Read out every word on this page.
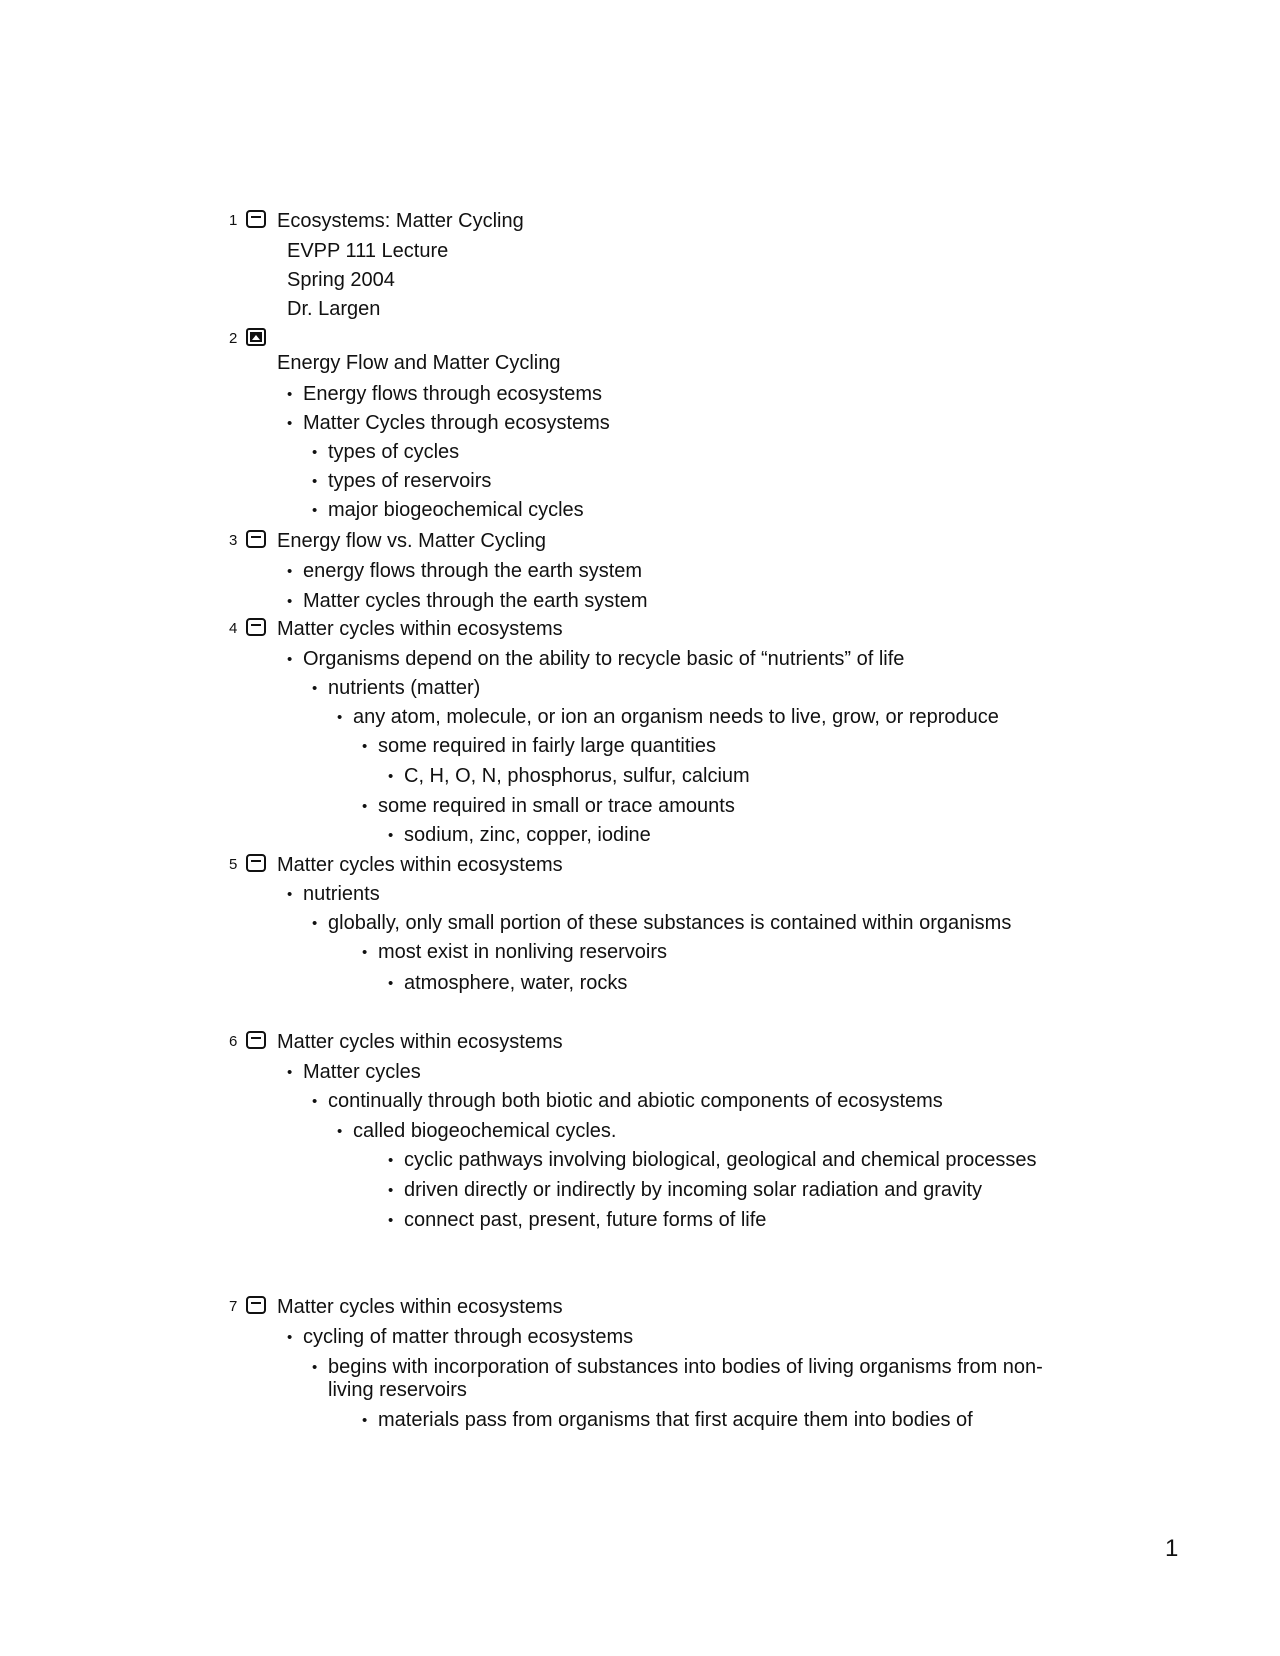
1 Ecosystems: Matter Cycling
EVPP 111 Lecture
Spring 2004
Dr. Largen
2
Energy Flow and Matter Cycling
• Energy flows through ecosystems
• Matter Cycles through ecosystems
• types of cycles
• types of reservoirs
• major biogeochemical cycles
3 Energy flow vs. Matter Cycling
• energy flows through the earth system
• Matter cycles through the earth system
4 Matter cycles within ecosystems
• Organisms depend on the ability to recycle basic of “nutrients” of life
• nutrients (matter)
• any atom, molecule, or ion an organism needs to live, grow, or reproduce
• some required in fairly large quantities
• C, H, O, N, phosphorus, sulfur, calcium
• some required in small or trace amounts
• sodium, zinc, copper, iodine
5 Matter cycles within ecosystems
• nutrients
• globally, only small portion of these substances is contained within organisms
• most exist in nonliving reservoirs
• atmosphere, water, rocks
6 Matter cycles within ecosystems
• Matter cycles
• continually through both biotic and abiotic components of ecosystems
• called biogeochemical cycles.
• cyclic pathways involving biological, geological and chemical processes
• driven directly or indirectly by incoming solar radiation and gravity
• connect past, present, future forms of life
7 Matter cycles within ecosystems
• cycling of matter through ecosystems
• begins with incorporation of substances into bodies of living organisms from non-living reservoirs
• materials pass from organisms that first acquire them into bodies of
1
